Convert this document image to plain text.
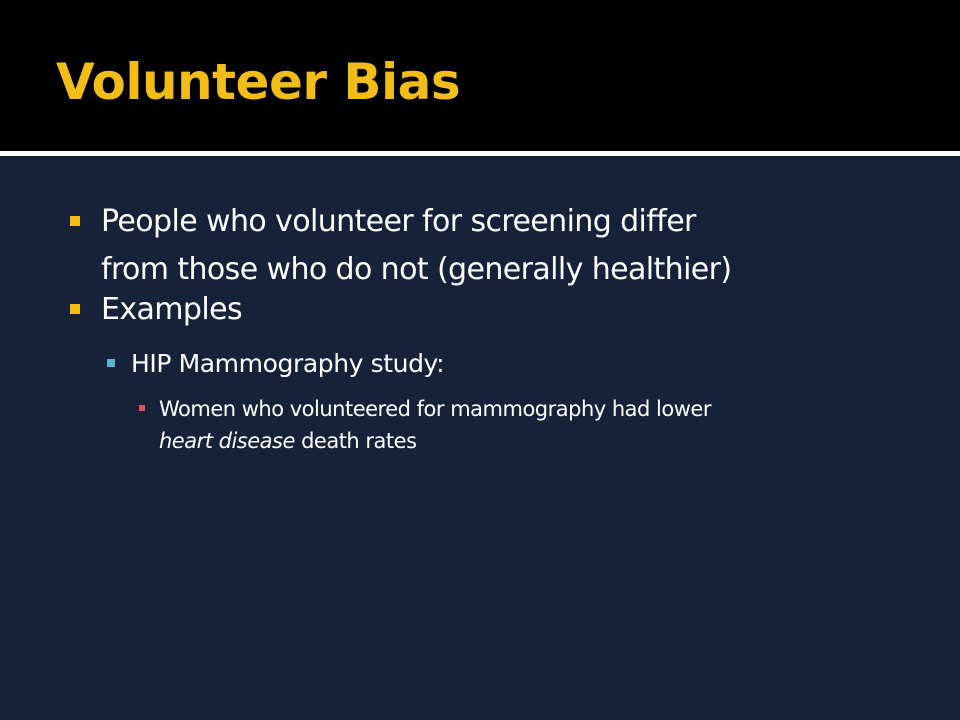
Volunteer Bias
People who volunteer for screening differ
from those who do not (generally healthier)
Examples
HIP Mammography study:
Women who volunteered for mammography had lower
heart disease death rates
